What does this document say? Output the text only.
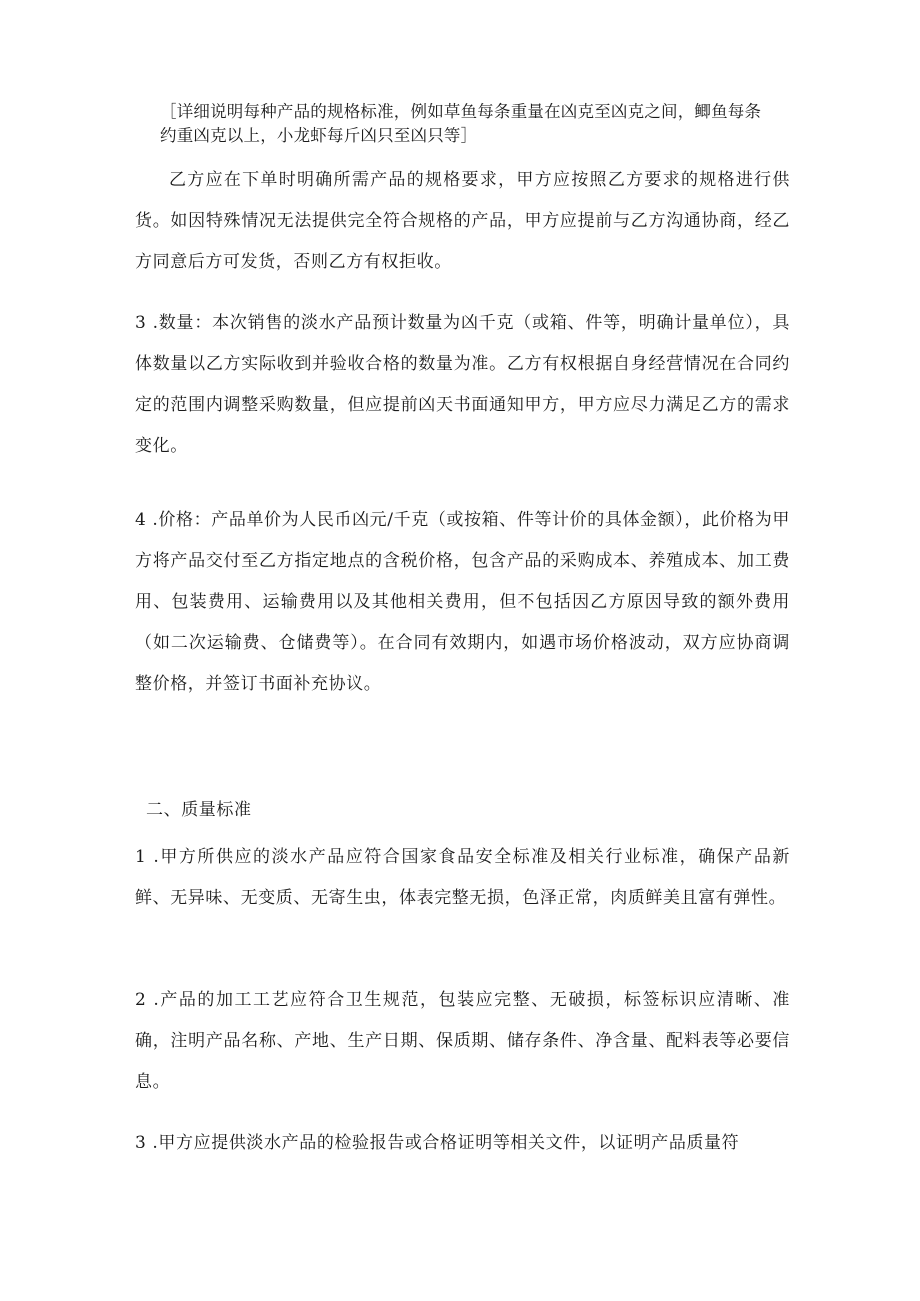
［详细说明每种产品的规格标准，例如草鱼每条重量在凶克至凶克之间，鲫鱼每条约重凶克以上，小龙虾每斤凶只至凶只等］
乙方应在下单时明确所需产品的规格要求，甲方应按照乙方要求的规格进行供货。如因特殊情况无法提供完全符合规格的产品，甲方应提前与乙方沟通协商，经乙方同意后方可发货，否则乙方有权拒收。
3 .数量：本次销售的淡水产品预计数量为凶千克（或箱、件等，明确计量单位），具体数量以乙方实际收到并验收合格的数量为准。乙方有权根据自身经营情况在合同约定的范围内调整采购数量，但应提前凶天书面通知甲方，甲方应尽力满足乙方的需求变化。
4 .价格：产品单价为人民币凶元/千克（或按箱、件等计价的具体金额），此价格为甲方将产品交付至乙方指定地点的含税价格，包含产品的采购成本、养殖成本、加工费用、包装费用、运输费用以及其他相关费用，但不包括因乙方原因导致的额外费用（如二次运输费、仓储费等）。在合同有效期内，如遇市场价格波动，双方应协商调整价格，并签订书面补充协议。
二、质量标准
1 .甲方所供应的淡水产品应符合国家食品安全标准及相关行业标准，确保产品新鲜、无异味、无变质、无寄生虫，体表完整无损，色泽正常，肉质鲜美且富有弹性。
2 .产品的加工工艺应符合卫生规范，包装应完整、无破损，标签标识应清晰、准确，注明产品名称、产地、生产日期、保质期、储存条件、净含量、配料表等必要信息。
3 .甲方应提供淡水产品的检验报告或合格证明等相关文件，以证明产品质量符
